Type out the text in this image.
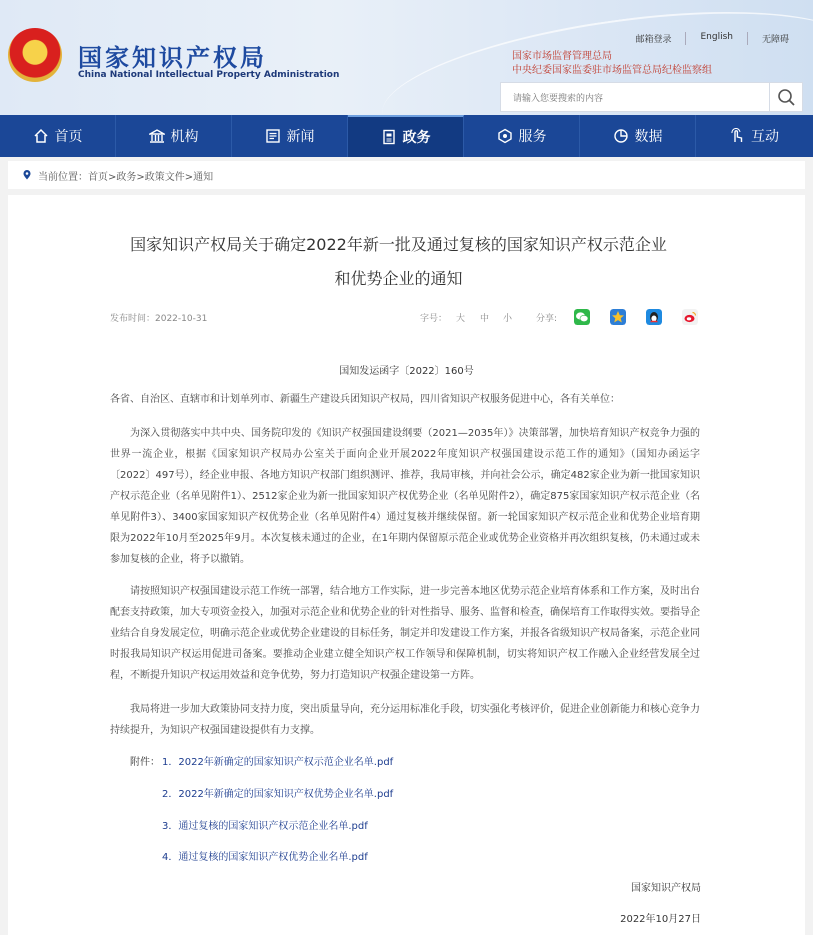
国家知识产权局
China National Intellectual Property Administration
邮箱登录	English	无障碍
国家市场监督管理总局
中央纪委国家监委驻市场监管总局纪检监察组
请输入您要搜索的内容
首页	机构	新闻	政务	服务	数据	互动
当前位置：首页>政务>政策文件>通知
国家知识产权局关于确定2022年新一批及通过复核的国家知识产权示范企业
和优势企业的通知
发布时间：2022-10-31	字号： 大 中 小	分享:
国知发运函字〔2022〕160号

各省、自治区、直辖市和计划单列市、新疆生产建设兵团知识产权局，四川省知识产权服务促进中心，各有关单位：

为深入贯彻落实中共中央、国务院印发的《知识产权强国建设纲要（2021—2035年）》决策部署，加快培育知识产权竞争力强的世界一流企业，根据《国家知识产权局办公室关于面向企业开展2022年度知识产权强国建设示范工作的通知》（国知办函运字〔2022〕497号），经企业申报、各地方知识产权部门组织测评、推荐，我局审核，并向社会公示，确定482家企业为新一批国家知识产权示范企业（名单见附件1）、2512家企业为新一批国家知识产权优势企业（名单见附件2），确定875家国家知识产权示范企业（名单见附件3）、3400家国家知识产权优势企业（名单见附件4）通过复核并继续保留。新一轮国家知识产权示范企业和优势企业培育期限为2022年10月至2025年9月。本次复核未通过的企业，在1年期内保留原示范企业或优势企业资格并再次组织复核，仍未通过或未参加复核的企业，将予以撤销。

请按照知识产权强国建设示范工作统一部署，结合地方工作实际，进一步完善本地区优势示范企业培育体系和工作方案，及时出台配套支持政策，加大专项资金投入，加强对示范企业和优势企业的针对性指导、服务、监督和检查，确保培育工作取得实效。要指导企业结合自身发展定位，明确示范企业或优势企业建设的目标任务，制定并印发建设工作方案，并报各省级知识产权局备案，示范企业同时报我局知识产权运用促进司备案。要推动企业建立健全知识产权工作领导和保障机制，切实将知识产权工作融入企业经营发展全过程，不断提升知识产权运用效益和竞争优势，努力打造知识产权强企建设第一方阵。

我局将进一步加大政策协同支持力度，突出质量导向，充分运用标准化手段，切实强化考核评价，促进企业创新能力和核心竞争力持续提升，为知识产权强国建设提供有力支撑。

附件： 1．2022年新确定的国家知识产权示范企业名单.pdf
2．2022年新确定的国家知识产权优势企业名单.pdf
3．通过复核的国家知识产权示范企业名单.pdf
4．通过复核的国家知识产权优势企业名单.pdf
国家知识产权局
2022年10月27日
